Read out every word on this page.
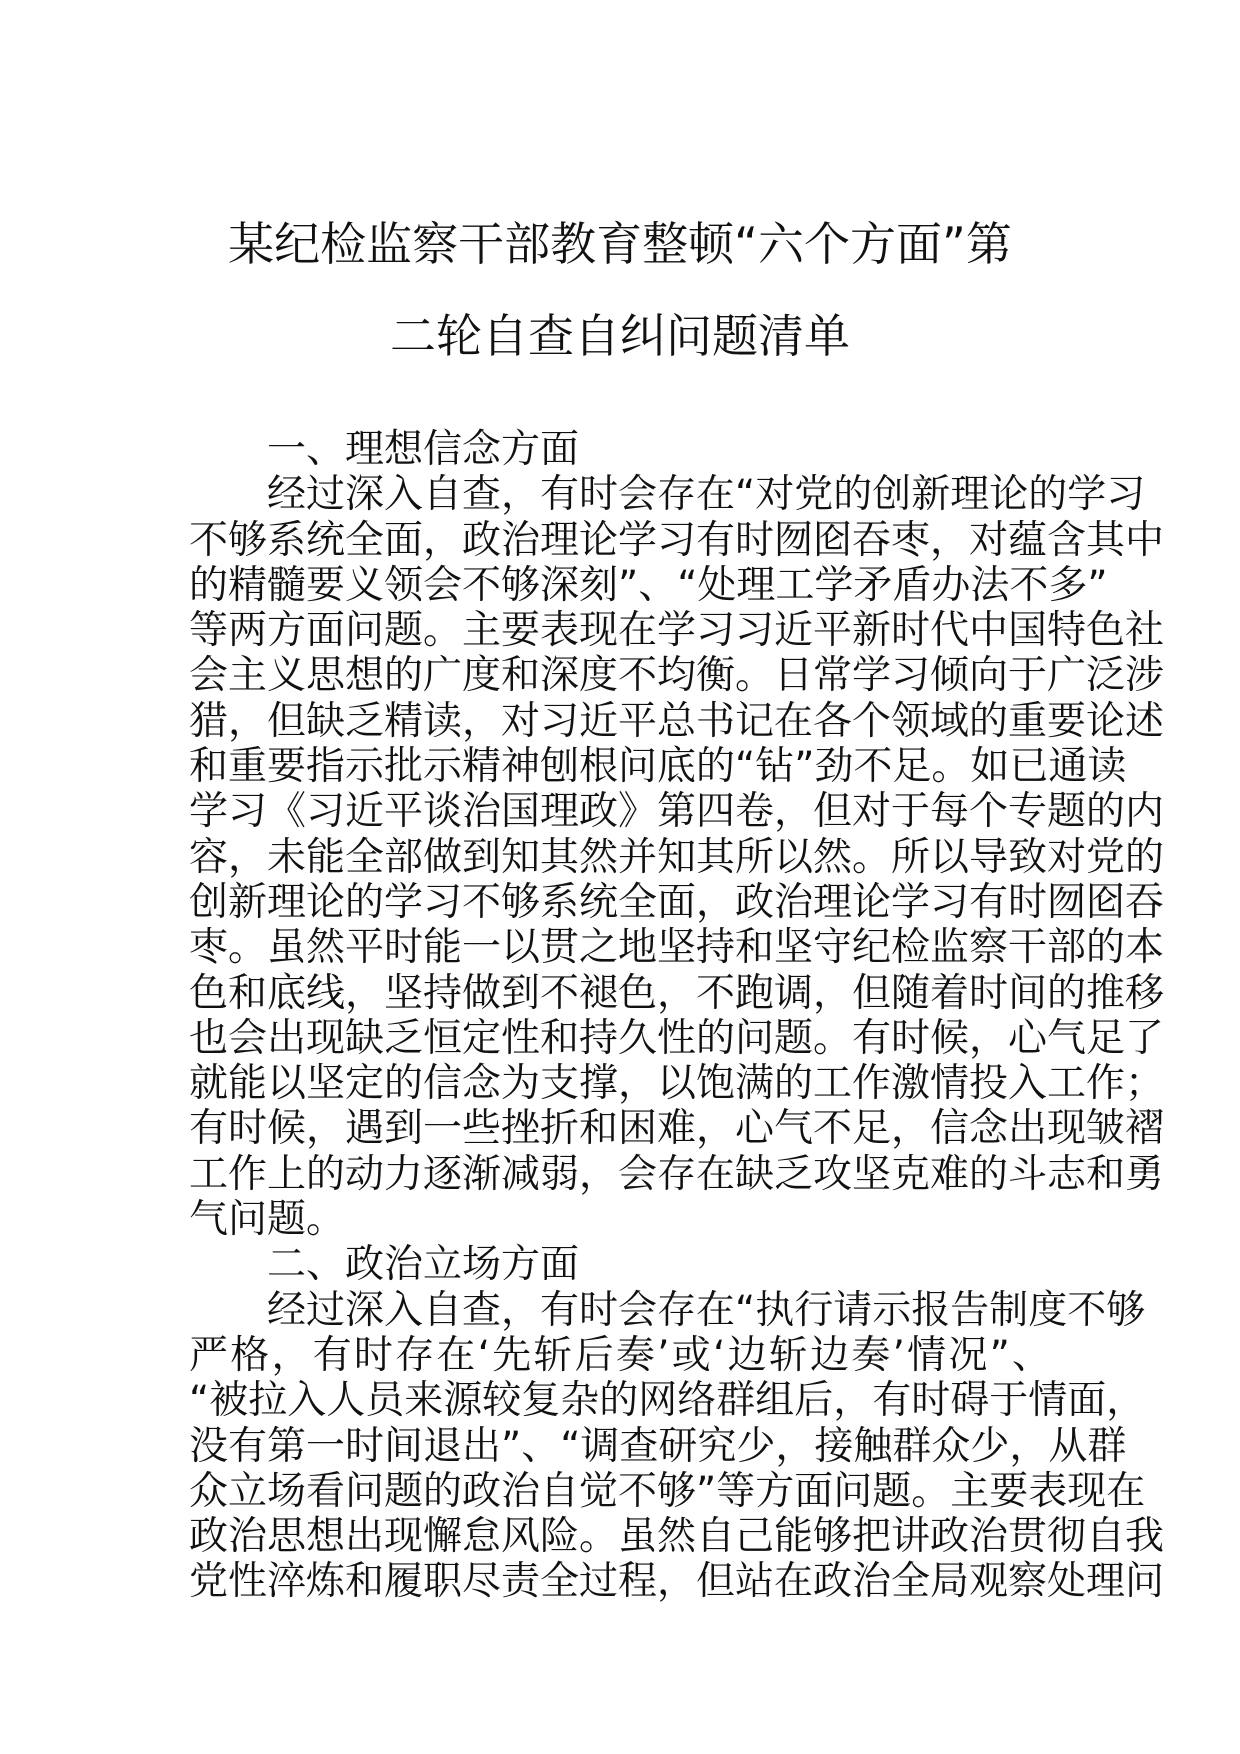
某纪检监察干部教育整顿“六个方面”第
二轮自查自纠问题清单
一、理想信念方面
经过深入自查，有时会存在“对党的创新理论的学习
不够系统全面，政治理论学习有时囫囵吞枣，对蕴含其中
的精髓要义领会不够深刻”、“处理工学矛盾办法不多”
等两方面问题。主要表现在学习习近平新时代中国特色社
会主义思想的广度和深度不均衡。日常学习倾向于广泛涉
猎，但缺乏精读，对习近平总书记在各个领域的重要论述
和重要指示批示精神刨根问底的“钻”劲不足。如已通读
学习《习近平谈治国理政》第四卷，但对于每个专题的内
容，未能全部做到知其然并知其所以然。所以导致对党的
创新理论的学习不够系统全面，政治理论学习有时囫囵吞
枣。虽然平时能一以贯之地坚持和坚守纪检监察干部的本
色和底线，坚持做到不褪色，不跑调，但随着时间的推移
也会出现缺乏恒定性和持久性的问题。有时候，心气足了
就能以坚定的信念为支撑，以饱满的工作激情投入工作；
有时候，遇到一些挫折和困难，心气不足，信念出现皱褶
工作上的动力逐渐减弱，会存在缺乏攻坚克难的斗志和勇
气问题。
二、政治立场方面
经过深入自查，有时会存在“执行请示报告制度不够
严格，有时存在‘先斩后奏’或‘边斩边奏’情况”、
“被拉入人员来源较复杂的网络群组后，有时碍于情面，
没有第一时间退出”、“调查研究少，接触群众少，从群
众立场看问题的政治自觉不够”等方面问题。主要表现在
政治思想出现懈怠风险。虽然自己能够把讲政治贯彻自我
党性淬炼和履职尽责全过程，但站在政治全局观察处理问
